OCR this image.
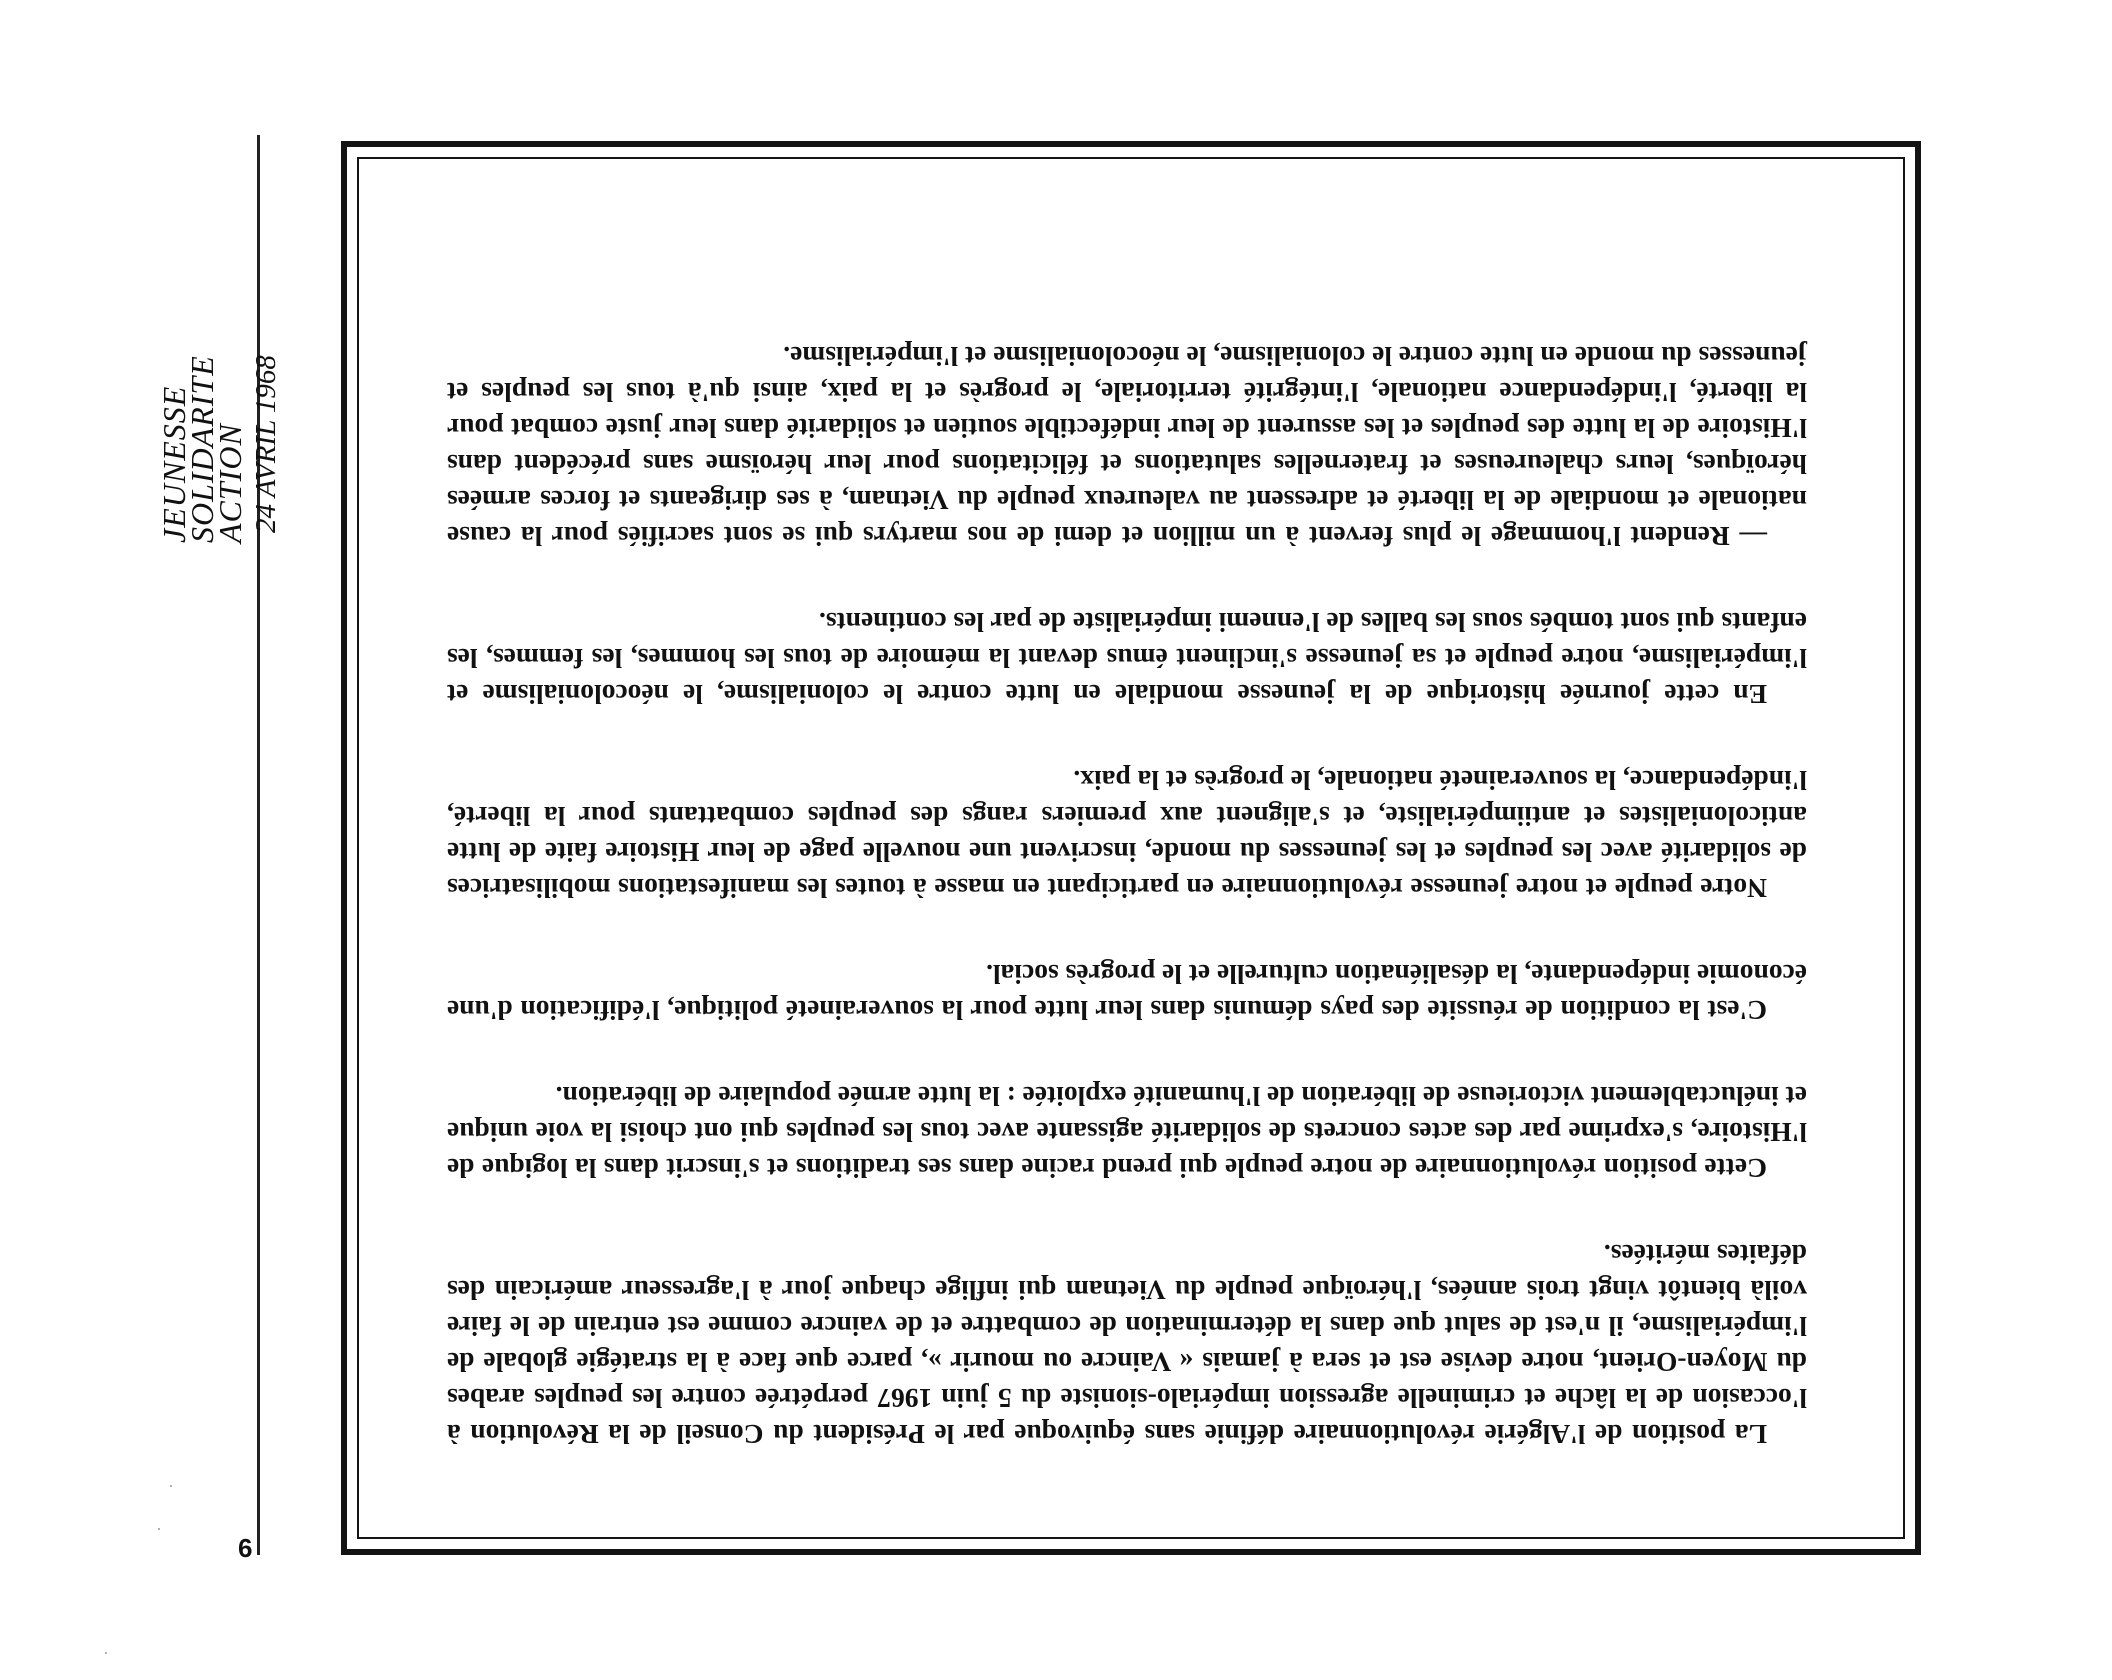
JEUNESSE
SOLIDARITE
ACTION 24 AVRIL 1968
6

La position de l'Algérie révolutionnaire définie sans équivoque par le Président du Conseil de la Révolution à l'occasion de la lâche et criminelle agression impérialo-sioniste du 5 juin 1967 perpétrée contre les peuples arabes du Moyen-Orient, notre devise est et sera à jamais « Vaincre ou mourir », parce que face à la stratégie globale de l'impérialisme, il n'est de salut que dans la détermination de combattre et de vaincre comme est entrain de le faire voilà bientôt vingt trois années, l'héroïque peuple du Vietnam qui inflige chaque jour à l'agresseur américain des défaites méritées.

Cette position révolutionnaire de notre peuple qui prend racine dans ses traditions et s'inscrit dans la logique de l'Histoire, s'exprime par des actes concrets de solidarité agissante avec tous les peuples qui ont choisi la voie unique et inéluctablement victorieuse de libération de l'humanité exploitée : la lutte armée populaire de libération.

C'est la condition de réussite des pays démunis dans leur lutte pour la souveraineté politique, l'édification d'une économie indépendante, la désaliénation culturelle et le progrès social.

Notre peuple et notre jeunesse révolutionnaire en participant en masse à toutes les manifestations mobilisatrices de solidarité avec les peuples et les jeunesses du monde, inscrivent une nouvelle page de leur Histoire faite de lutte anticolonialistes et antiimpérialiste, et s'alignent aux premiers rangs des peuples combattants pour la liberté, l'indépendance, la souveraineté nationale, le progrès et la paix.

En cette journée historique de la jeunesse mondiale en lutte contre le colonialisme, le néocolonialisme et l'impérialisme, notre peuple et sa jeunesse s'inclinent émus devant la mémoire de tous les hommes, les femmes, les enfants qui sont tombés sous les balles de l'ennemi impérialiste de par les continents.

— Rendent l'hommage le plus fervent à un million et demi de nos martyrs qui se sont sacrifiés pour la cause nationale et mondiale de la liberté et adressent au valeureux peuple du Vietnam, à ses dirigeants et forces armées héroïques, leurs chaleureuses et fraternelles salutations et félicitations pour leur héroïsme sans précédent dans l'Histoire de la lutte des peuples et les assurent de leur indéfectible soutien et solidarité dans leur juste combat pour la liberté, l'indépendance nationale, l'intégrité territoriale, le progrès et la paix, ainsi qu'à tous les peuples et jeunesses du monde en lutte contre le colonialisme, le néocolonialisme et l'impérialisme.
